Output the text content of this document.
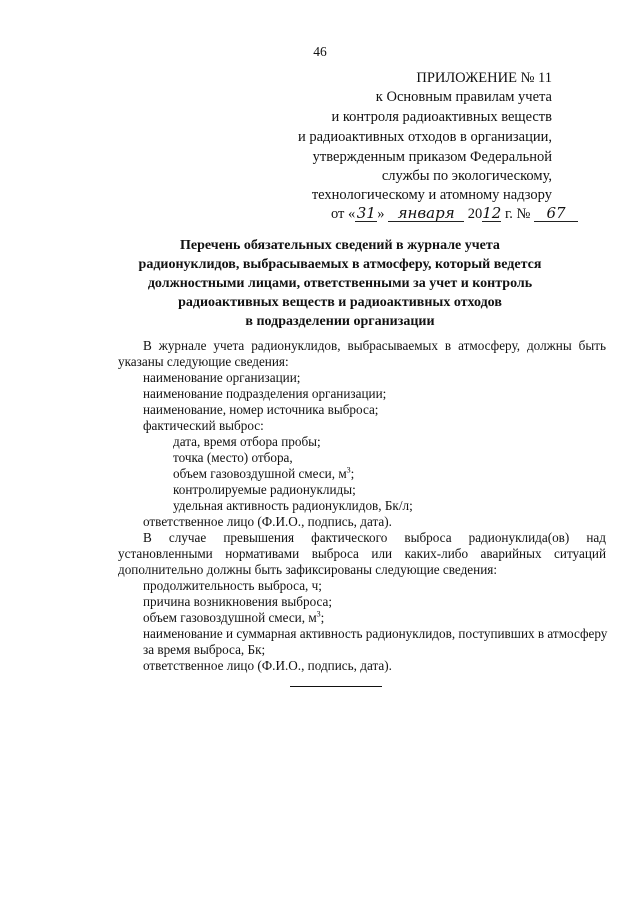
46
ПРИЛОЖЕНИЕ № 11
к Основным правилам учета
и контроля радиоактивных веществ
и радиоактивных отходов в организации,
утвержденным приказом Федеральной
службы по экологическому,
технологическому и атомному надзору
от «31» января 2012 г. № 67
Перечень обязательных сведений в журнале учета
радионуклидов, выбрасываемых в атмосферу, который ведется
должностными лицами, ответственными за учет и контроль
радиоактивных веществ и радиоактивных отходов
в подразделении организации
В журнале учета радионуклидов, выбрасываемых в атмосферу, должны быть
указаны следующие сведения:
наименование организации;
наименование подразделения организации;
наименование, номер источника выброса;
фактический выброс:
дата, время отбора пробы;
точка (место) отбора,
объем газовоздушной смеси, $м^3$;
контролируемые радионуклиды;
удельная активность радионуклидов, Бк/л;
ответственное лицо (Ф.И.О., подпись, дата).
В случае превышения фактического выброса радионуклида(ов) над
установленными нормативами выброса или каких-либо аварийных ситуаций
дополнительно должны быть зафиксированы следующие сведения:
продолжительность выброса, ч;
причина возникновения выброса;
объем газовоздушной смеси, $м^3$;
наименование и суммарная активность радионуклидов, поступивших в атмосферу
за время выброса, Бк;
ответственное лицо (Ф.И.О., подпись, дата).
